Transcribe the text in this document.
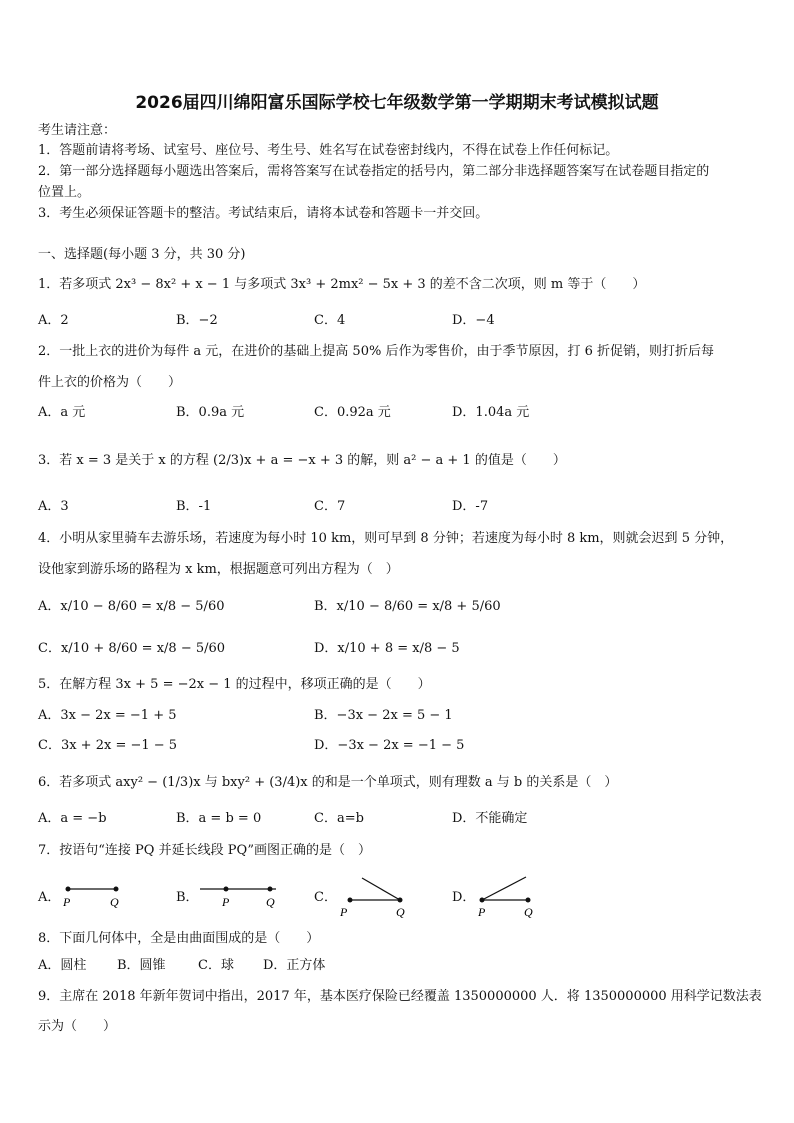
2026届四川绵阳富乐国际学校七年级数学第一学期期末考试模拟试题
考生请注意：
1．答题前请将考场、试室号、座位号、考生号、姓名写在试卷密封线内，不得在试卷上作任何标记。
2．第一部分选择题每小题选出答案后，需将答案写在试卷指定的括号内，第二部分非选择题答案写在试卷题目指定的
位置上。
3．考生必须保证答题卡的整洁。考试结束后，请将本试卷和答题卡一并交回。
一、选择题(每小题 3 分，共 30 分)
1．若多项式 2x³ − 8x² + x − 1 与多项式 3x³ + 2mx² − 5x + 3 的差不含二次项，则 m 等于（　　）
A．2	B．−2	C．4	D．−4
2．一批上衣的进价为每件 a 元，在进价的基础上提高 50% 后作为零售价，由于季节原因，打 6 折促销，则打折后每
件上衣的价格为（　　）
A．a 元	B．0.9a 元	C．0.92a 元	D．1.04a 元
3．若 x = 3 是关于 x 的方程 (2/3)x + a = −x + 3 的解，则 a² − a + 1 的值是（　　）
A．3	B．-1	C．7	D．-7
4．小明从家里骑车去游乐场，若速度为每小时 10 km，则可早到 8 分钟；若速度为每小时 8 km，则就会迟到 5 分钟，
设他家到游乐场的路程为 x km，根据题意可列出方程为（　）
A．x/10 − 8/60 = x/8 − 5/60	B．x/10 − 8/60 = x/8 + 5/60
C．x/10 + 8/60 = x/8 − 5/60	D．x/10 + 8 = x/8 − 5
5．在解方程 3x + 5 = −2x − 1 的过程中，移项正确的是（　　）
A．3x − 2x = −1 + 5	B．−3x − 2x = 5 − 1
C．3x + 2x = −1 − 5	D．−3x − 2x = −1 − 5
6．若多项式 axy² − (1/3)x 与 bxy² + (3/4)x 的和是一个单项式，则有理数 a 与 b 的关系是（　）
A．a = −b	B．a = b = 0	C．a=b	D．不能确定
7．按语句“连接 PQ 并延长线段 PQ”画图正确的是（　）
A．	B．	C．	D．
P	Q	P	Q
P	Q	P	Q
8．下面几何体中，全是由曲面围成的是（　　）
A．圆柱 B．圆锥 C．球 D．正方体
9．主席在 2018 年新年贺词中指出，2017 年，基本医疗保险已经覆盖 1350000000 人．将 1350000000 用科学记数法表
示为（　　）
